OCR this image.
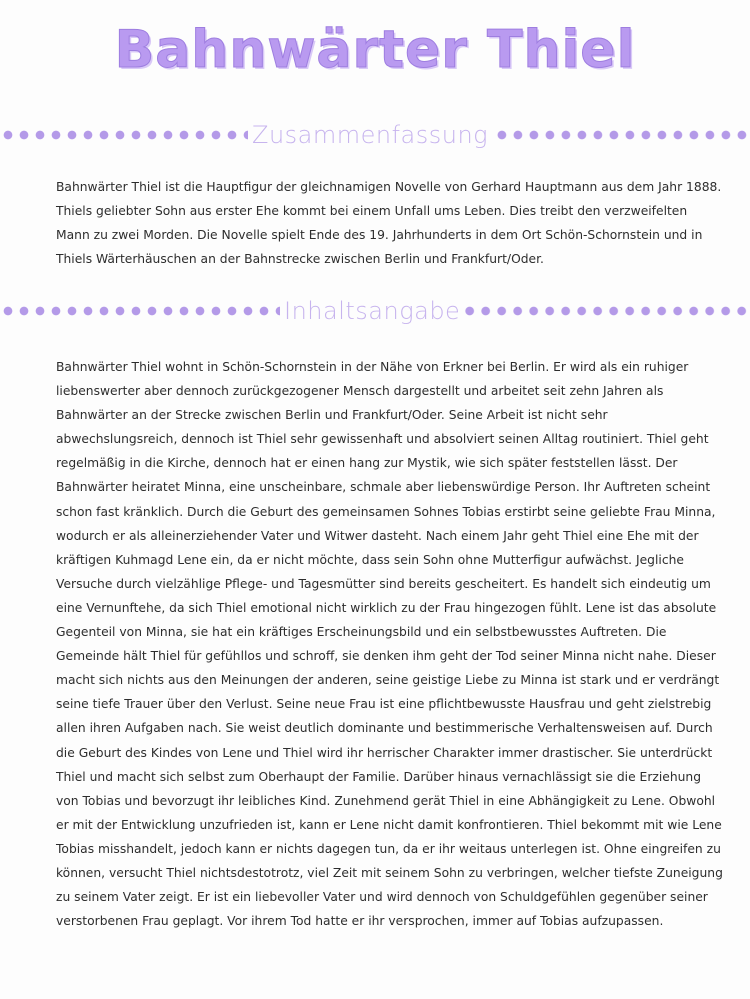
Bahnwärter Thiel
Zusammenfassung
Bahnwärter Thiel ist die Hauptfigur der gleichnamigen Novelle von Gerhard Hauptmann aus dem Jahr 1888. Thiels geliebter Sohn aus erster Ehe kommt bei einem Unfall ums Leben. Dies treibt den verzweifelten Mann zu zwei Morden. Die Novelle spielt Ende des 19. Jahrhunderts in dem Ort Schön-Schornstein und in Thiels Wärterhäuschen an der Bahnstrecke zwischen Berlin und Frankfurt/Oder.
Inhaltsangabe
Bahnwärter Thiel wohnt in Schön-Schornstein in der Nähe von Erkner bei Berlin. Er wird als ein ruhiger liebenswerter aber dennoch zurückgezogener Mensch dargestellt und arbeitet seit zehn Jahren als Bahnwärter an der Strecke zwischen Berlin und Frankfurt/Oder. Seine Arbeit ist nicht sehr abwechslungsreich, dennoch ist Thiel sehr gewissenhaft und absolviert seinen Alltag routiniert. Thiel geht regelmäßig in die Kirche, dennoch hat er einen hang zur Mystik, wie sich später feststellen lässt. Der Bahnwärter heiratet Minna, eine unscheinbare, schmale aber liebenswürdige Person. Ihr Auftreten scheint schon fast kränklich. Durch die Geburt des gemeinsamen Sohnes Tobias erstirbt seine geliebte Frau Minna, wodurch er als alleinerziehender Vater und Witwer dasteht. Nach einem Jahr geht Thiel eine Ehe mit der kräftigen Kuhmagd Lene ein, da er nicht möchte, dass sein Sohn ohne Mutterfigur aufwächst. Jegliche Versuche durch vielzählige Pflege- und Tagesmütter sind bereits gescheitert. Es handelt sich eindeutig um eine Vernunftehe, da sich Thiel emotional nicht wirklich zu der Frau hingezogen fühlt. Lene ist das absolute Gegenteil von Minna, sie hat ein kräftiges Erscheinungsbild und ein selbstbewusstes Auftreten. Die Gemeinde hält Thiel für gefühllos und schroff, sie denken ihm geht der Tod seiner Minna nicht nahe. Dieser macht sich nichts aus den Meinungen der anderen, seine geistige Liebe zu Minna ist stark und er verdrängt seine tiefe Trauer über den Verlust. Seine neue Frau ist eine pflichtbewusste Hausfrau und geht zielstrebig allen ihren Aufgaben nach. Sie weist deutlich dominante und bestimmerische Verhaltensweisen auf. Durch die Geburt des Kindes von Lene und Thiel wird ihr herrischer Charakter immer drastischer. Sie unterdrückt Thiel und macht sich selbst zum Oberhaupt der Familie. Darüber hinaus vernachlässigt sie die Erziehung von Tobias und bevorzugt ihr leibliches Kind. Zunehmend gerät Thiel in eine Abhängigkeit zu Lene. Obwohl er mit der Entwicklung unzufrieden ist, kann er Lene nicht damit konfrontieren. Thiel bekommt mit wie Lene Tobias misshandelt, jedoch kann er nichts dagegen tun, da er ihr weitaus unterlegen ist. Ohne eingreifen zu können, versucht Thiel nichtsdestotrotz, viel Zeit mit seinem Sohn zu verbringen, welcher tiefste Zuneigung zu seinem Vater zeigt. Er ist ein liebevoller Vater und wird dennoch von Schuldgefühlen gegenüber seiner verstorbenen Frau geplagt. Vor ihrem Tod hatte er ihr versprochen, immer auf Tobias aufzupassen.
